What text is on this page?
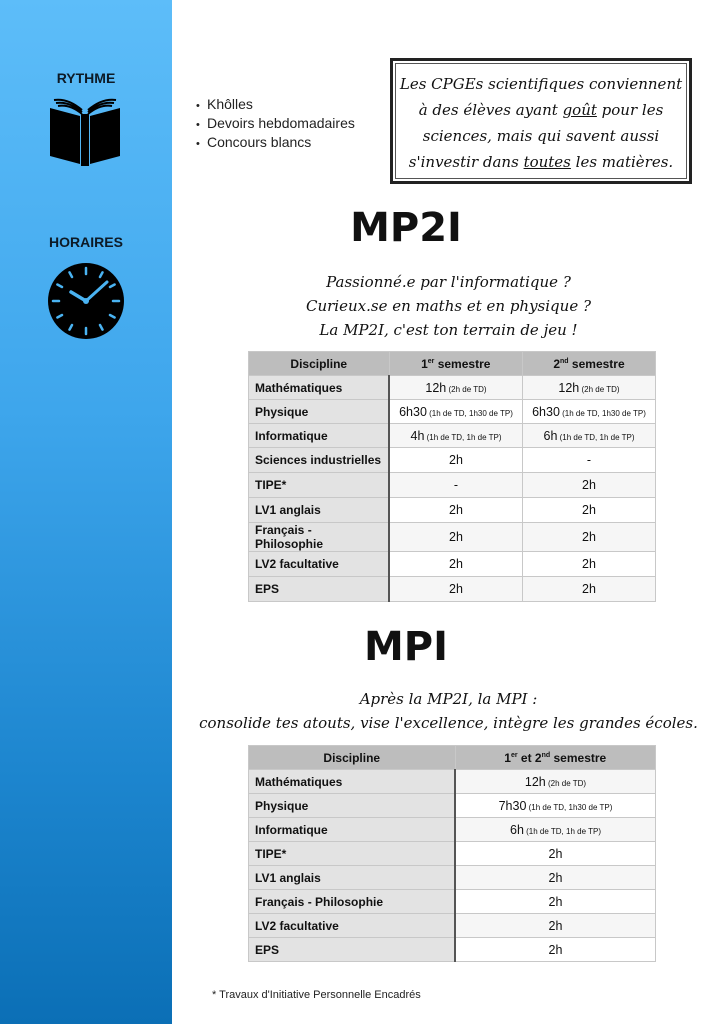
RYTHME
HORAIRES
• Khôlles
• Devoirs hebdomadaires
• Concours blancs
Les CPGEs scientifiques conviennent
à des élèves ayant goût pour les
sciences, mais qui savent aussi
s'investir dans toutes les matières.
MP2I
Passionné.e par l'informatique ?
Curieux.se en maths et en physique ?
La MP2I, c'est ton terrain de jeu !
Discipline	1er semestre	2nd semestre
Mathématiques	12h (2h de TD)	12h (2h de TD)
Physique	6h30 (1h de TD, 1h30 de TP)	6h30 (1h de TD, 1h30 de TP)
Informatique	4h (1h de TD, 1h de TP)	6h (1h de TD, 1h de TP)
Sciences industrielles	2h	-
TIPE*	-	2h
LV1 anglais	2h	2h
Français - Philosophie	2h	2h
LV2 facultative	2h	2h
EPS	2h	2h
MPI
Après la MP2I, la MPI :
consolide tes atouts, vise l'excellence, intègre les grandes écoles.
Discipline	1er et 2nd semestre
Mathématiques	12h (2h de TD)
Physique	7h30 (1h de TD, 1h30 de TP)
Informatique	6h (1h de TD, 1h de TP)
TIPE*	2h
LV1 anglais	2h
Français - Philosophie	2h
LV2 facultative	2h
EPS	2h
* Travaux d'Initiative Personnelle Encadrés
